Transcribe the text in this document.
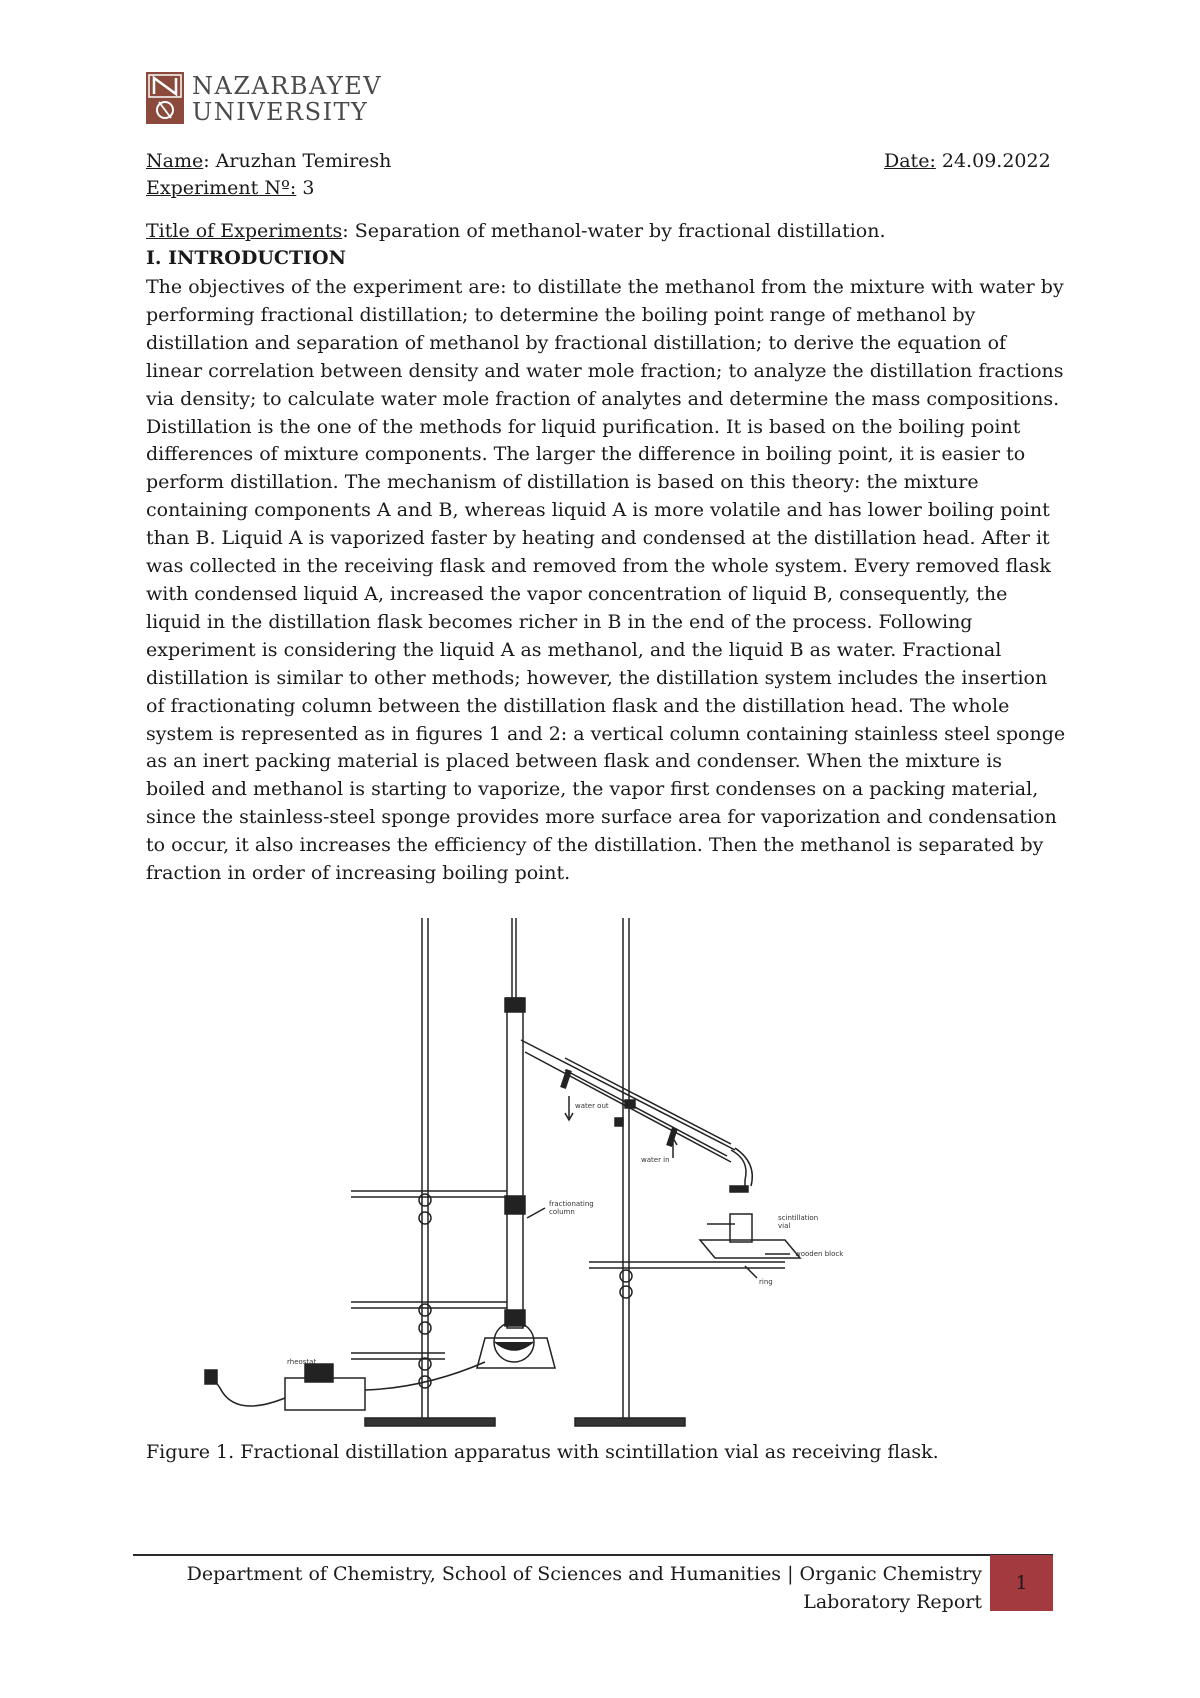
NAZARBAYEV
UNIVERSITY
Name: Aruzhan Temiresh	Date: 24.09.2022
Experiment Nº: 3
Title of Experiments: Separation of methanol-water by fractional distillation.
I. INTRODUCTION

The objectives of the experiment are: to distillate the methanol from the mixture with water by performing fractional distillation; to determine the boiling point range of methanol by distillation and separation of methanol by fractional distillation; to derive the equation of linear correlation between density and water mole fraction; to analyze the distillation fractions via density; to calculate water mole fraction of analytes and determine the mass compositions.

Distillation is the one of the methods for liquid purification. It is based on the boiling point differences of mixture components. The larger the difference in boiling point, it is easier to perform distillation. The mechanism of distillation is based on this theory: the mixture containing components A and B, whereas liquid A is more volatile and has lower boiling point than B. Liquid A is vaporized faster by heating and condensed at the distillation head. After it was collected in the receiving flask and removed from the whole system. Every removed flask with condensed liquid A, increased the vapor concentration of liquid B, consequently, the liquid in the distillation flask becomes richer in B in the end of the process. Following experiment is considering the liquid A as methanol, and the liquid B as water. Fractional distillation is similar to other methods; however, the distillation system includes the insertion of fractionating column between the distillation flask and the distillation head. The whole system is represented as in figures 1 and 2: a vertical column containing stainless steel sponge as an inert packing material is placed between flask and condenser. When the mixture is boiled and methanol is starting to vaporize, the vapor first condenses on a packing material, since the stainless-steel sponge provides more surface area for vaporization and condensation to occur, it also increases the efficiency of the distillation. Then the methanol is separated by fraction in order of increasing boiling point.

water out
water in
fractionating
column
scintillation
vial
wooden block
ring
rheostat
Figure 1. Fractional distillation apparatus with scintillation vial as receiving flask.
Department of Chemistry, School of Sciences and Humanities | Organic Chemistry
Laboratory Report
1
